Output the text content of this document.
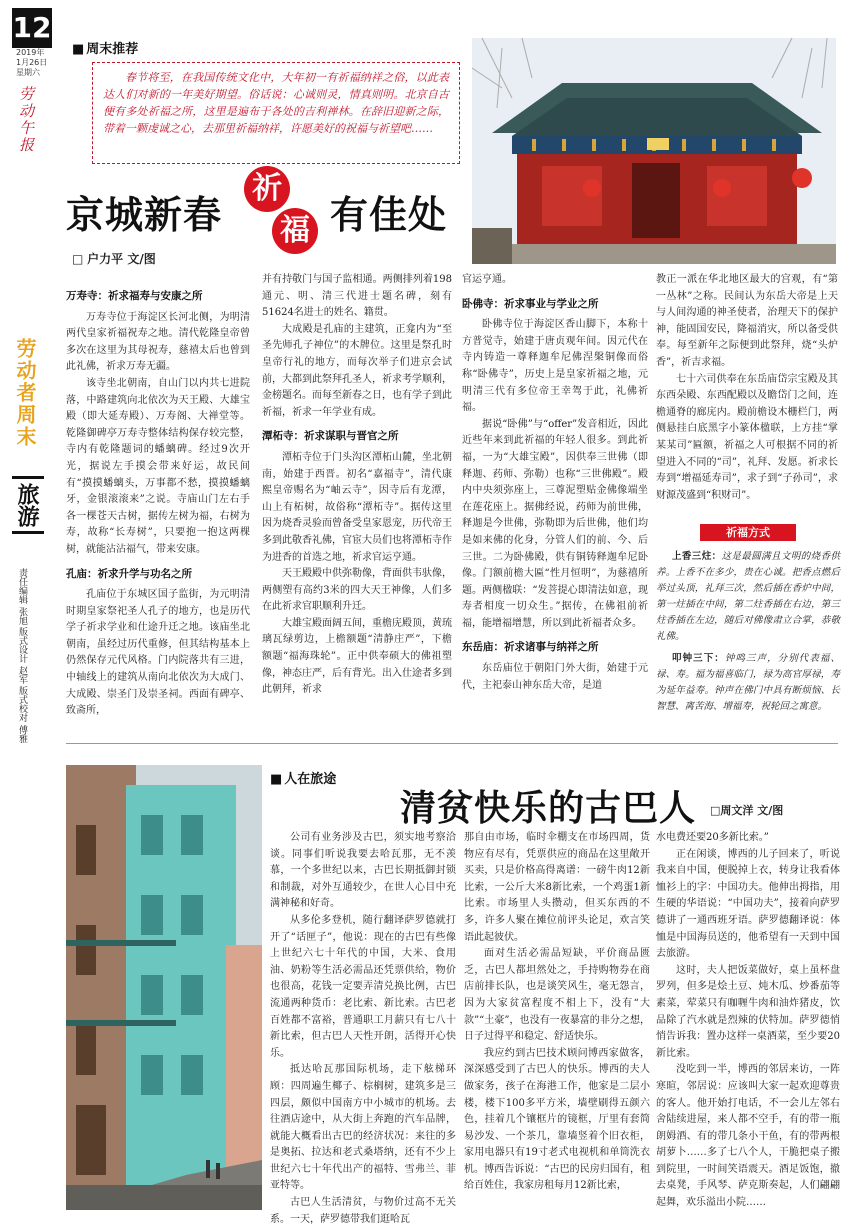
12
2019年
1月26日
星期六
劳动午报
劳动者周末
旅游
责任编辑 张旭
版式设计 赵军
版式校对 傅雅
■ 周末推荐
春节将至，在我国传统文化中，大年初一有祈福纳祥之俗，以此表达人们对新的一年美好期望。俗话说：心诚则灵，情真则明。北京自古便有多处祈福之所，这里是遍布于各处的吉利禅林。在辞旧迎新之际，带着一颗虔诚之心，去那里祈福纳祥，许愿美好的祝福与祈望吧……
京城新春
祈
福 有佳处
□ 户力平 文/图
万寿寺：祈求福寿与安康之所

万寿寺位于海淀区长河北侧，为明清两代皇家祈福祝寿之地。清代乾隆皇帝曾多次在这里为其母祝寿，慈禧太后也曾到此礼佛，祈求万寿无疆。

该寺坐北朝南，自山门以内共七进院落，中路建筑向北依次为天王殿、大雄宝殿（即大延寿殿）、万寿阁、大禅堂等。乾隆御碑亭万寿寺整体结构保存较完整，寺内有乾隆题词的蟠螭碑。经过9次开光，据说左手摸会带来好运，故民间有“摸摸蟠螭头，万事都不愁，摸摸蟠螭牙，金银滚滚来”之说。寺庙山门左右手各一棵苍天古树，据传左树为福，右树为寿，故称“长寿树”，只要抱一抱这两棵树，就能沾沾福气，带来安康。

孔庙：祈求升学与功名之所

孔庙位于东城区国子监街，为元明清时期皇家祭祀圣人孔子的地方，也是历代学子祈求学业和仕途升迁之地。该庙坐北朝南，虽经过历代重修，但其结构基本上仍然保存元代风格。门内院落共有三进，中轴线上的建筑从南向北依次为大成门、大成殿、崇圣门及崇圣祠。西面有碑亭、致斋所，

并有持敬门与国子监相通。两侧排列着198通元、明、清三代进士题名碑，刻有51624名进士的姓名、籍贯。

大成殿是孔庙的主建筑，正龛内为“至圣先师孔子神位”的木牌位。这里是祭孔时皇帝行礼的地方，而每次举子们进京会试前，大都到此祭拜孔圣人，祈求考学顺利，金榜题名。而每至新春之日，也有学子到此祈福，祈求一年学业有成。

潭柘寺：祈求谋职与晋官之所

潭柘寺位于门头沟区潭柘山麓，坐北朝南，始建于西晋。初名“嘉福寺”，清代康熙皇帝赐名为“岫云寺”，因寺后有龙潭，山上有柘树，故俗称“潭柘寺”。据传这里因为烧香灵验而曾备受皇家恩宠，历代帝王多到此敬香礼佛，官宦大员们也将潭柘寺作为进香的首选之地，祈求官运亨通。

天王殿殿中供弥勒像，背面供韦驮像，两侧塑有高约3米的四大天王神像，人们多在此祈求官职顺利升迁。

大雄宝殿面阔五间，重檐庑殿顶，黄琉璃瓦绿剪边，上檐额题“清静庄严”，下檐额题“福海珠轮”。正中供奉硕大的佛祖塑像，神态庄严，后有背光。出入仕途者多到此朝拜，祈求

官运亨通。

卧佛寺：祈求事业与学业之所

卧佛寺位于海淀区香山脚下，本称十方普觉寺，始建于唐贞观年间。因元代在寺内铸造一尊释迦牟尼佛涅槃铜像而俗称“卧佛寺”，历史上是皇家祈福之地，元明清三代有多位帝王幸驾于此，礼佛祈福。

据说“卧佛”与“offer”发音相近，因此近些年来到此祈福的年轻人很多。到此祈福，一为“大雄宝殿”，因供奉三世佛（即释迦、药师、弥勒）也称“三世佛殿”。殿内中央须弥座上，三尊泥塑贴金佛像端坐在莲花座上。据佛经说，药师为前世佛，释迦是今世佛，弥勒即为后世佛，他们均是如来佛的化身，分管人们的前、今、后三世。二为卧佛殿，供有铜铸释迦牟尼卧像。门额前檐大匾“性月恒明”，为慈禧所题。两侧楹联：“发菩提心即清法如意，现寿者相度一切众生。”据传，在佛祖前祈福，能增福增慧，所以到此祈福者众多。

东岳庙：祈求诸事与纳祥之所

东岳庙位于朝阳门外大街，始建于元代，主祀泰山神东岳大帝，是道

教正一派在华北地区最大的宫观，有“第一丛林”之称。民间认为东岳大帝是上天与人间沟通的神圣使者，治理天下的保护神，能固国安民，降福消灾，所以备受供奉。每至新年之际便到此祭拜，烧“头炉香”，祈吉求福。

七十六司供奉在东岳庙岱宗宝殿及其东西朵殿、东西配殿以及瞻岱门之间，连檐通脊的廊庑内。殿前檐设木栅栏门，两侧悬挂白底黑字小篆体楹联，上方挂“掌某某司”匾额，祈福之人可根据不同的祈望进入不同的“司”，礼拜、发愿。祈求长寿到“增福延寿司”，求子到“子孙司”，求财源茂盛到“积财司”。

祈福方式

上香三炷：这是最圆满且文明的烧香供养。上香不在多少，贵在心诚。把香点燃后举过头顶，礼拜三次，然后插在香炉中间，第一炷插在中间，第二炷香插在右边，第三炷香插在左边，随后对佛像肃立合掌，恭敬礼佛。

叩钟三下：钟鸣三声，分别代表福、禄、寿。福为福喜临门，禄为高官厚禄，寿为延年益寿。钟声在佛门中具有断烦恼、长智慧、离苦海、增福寿，祝轮回之寓意。

■ 人在旅途
清贫快乐的古巴人
□	周文洋 文/图

公司有业务涉及古巴，须实地考察洽谈。同事们听说我要去哈瓦那，无不羡慕，一个多世纪以来，古巴长期抵御封锁和制裁，对外互通较少，在世人心目中充满神秘和好奇。

从多伦多登机，随行翻译萨罗德就打开了“话匣子”，他说：现在的古巴有些像上世纪六七十年代的中国，大米、食用油、奶粉等生活必需品还凭票供给，物价也很高，花钱一定要弄清兑换比例，古巴流通两种货币：老比索、新比索。古巴老百姓都不富裕，普通职工月薪只有七八十新比索，但古巴人天性开朗，活得开心快乐。

抵达哈瓦那国际机场，走下舷梯环顾：四周遍生椰子、棕榈树，建筑多是三四层，颇似中国南方中小城市的机场。去往酒店途中，从大街上奔跑的汽车品牌，就能大概看出古巴的经济状况：来往的多是奥拓、拉达和老式桑塔纳，还有不少上世纪六七十年代出产的福特、雪弗兰、菲亚特等。

古巴人生活清贫，与物价过高不无关系。一天，萨罗德带我们逛哈瓦

那自由市场，临时伞棚支在市场四周，货物应有尽有，凭票供应的商品在这里敞开买卖，只是价格高得离谱：一磅牛肉12新比索，一公斤大米8新比索，一个鸡蛋1新比索。市场里人头攒动，但买东西的不多，许多人聚在摊位前评头论足，欢言笑语此起彼伏。

面对生活必需品短缺，平价商品匮乏，古巴人都坦然处之，手持购物券在商店前排长队，也是谈笑风生，毫无怨言，因为大家贫富程度不相上下，没有“大款”“土豪”，也没有一夜暴富的非分之想，日子过得平和稳定、舒适快乐。

我应约到古巴技术顾问博西家做客，深深感受到了古巴人的快乐。博西的夫人做家务，孩子在海港工作，他家是二层小楼，楼下100多平方米，墙壁刷得五颜六色，挂着几个镶框片的镜框，厅里有套简易沙发、一个茶几，靠墙竖着个旧衣柜，家用电器只有19寸老式电视机和单筒洗衣机。博西告诉说：“古巴的民房归国有，租给百姓住，我家房租每月12新比索，

水电费还要20多新比索。”

正在闲谈，博西的儿子回来了，听说我来自中国，便脱掉上衣，转身让我看体恤衫上的字：中国功夫。他伸出拇指，用生硬的华语说：“中国功夫”，接着向萨罗德讲了一通西班牙语。萨罗德翻译说：体恤是中国海员送的，他希望有一天到中国去旅游。

这时，夫人把饭菜做好，桌上虽杯盘罗列，但多是烩土豆、炖木瓜、炒番茄等素菜，荤菜只有咖喱牛肉和油炸猪皮，饮品除了汽水就是烈辣的伏特加。萨罗德悄悄告诉我：置办这样一桌酒菜，至少要20新比索。

没吃到一半，博西的邻居来访，一阵寒暄，邻居说：应该叫大家一起欢迎尊贵的客人。他开始打电话，不一会儿左邻右舍陆续进屋，来人都不空手，有的带一瓶朗姆酒、有的带几条小干鱼，有的带两根胡萝卜……多了七八个人，干脆把桌子搬到院里，一时间笑语震天。酒足饭饱，撤去桌凳，手风琴、萨克斯奏起，人们翩翩起舞，欢乐溢出小院……
